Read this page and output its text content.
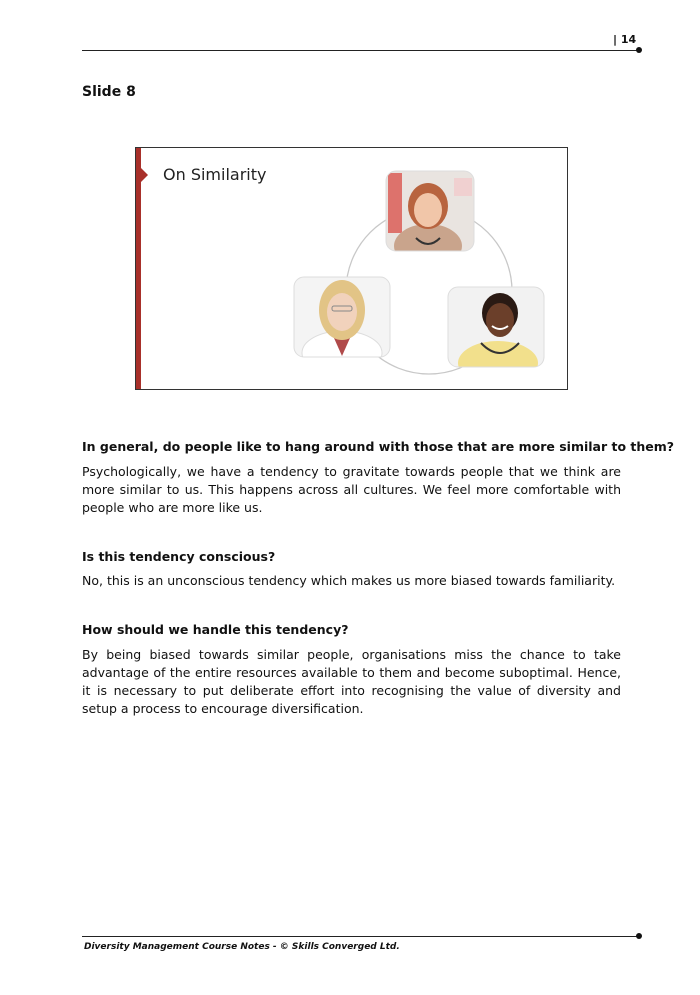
| 14
Slide 8
On Similarity
In general, do people like to hang around with those that are more similar to them?
Psychologically, we have a tendency to gravitate towards people that we think are more similar to us. This happens across all cultures. We feel more comfortable with people who are more like us.
Is this tendency conscious?
No, this is an unconscious tendency which makes us more biased towards familiarity.
How should we handle this tendency?
By being biased towards similar people, organisations miss the chance to take advantage of the entire resources available to them and become suboptimal. Hence, it is necessary to put deliberate effort into recognising the value of diversity and setup a process to encourage diversification.
Diversity Management Course Notes - © Skills Converged Ltd.
